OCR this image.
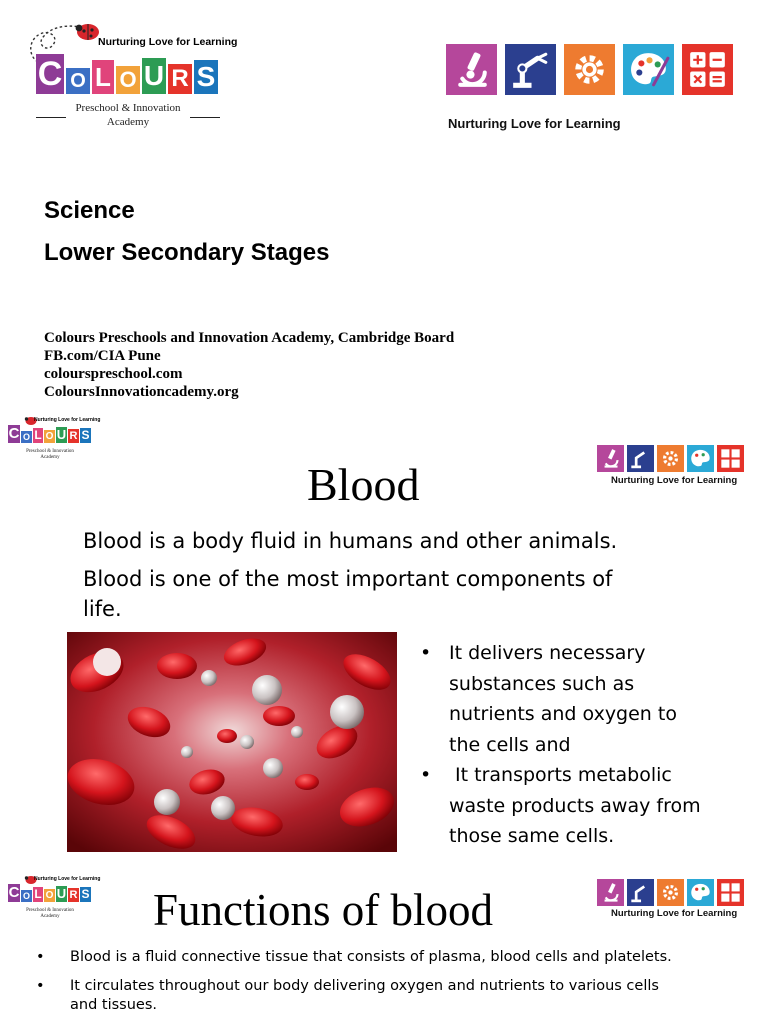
Nurturing Love for Learning
C O L O U R S
Preschool & Innovation
Academy	Nurturing Love for Learning
Science
Lower Secondary Stages
Colours Preschools and Innovation Academy, Cambridge Board
FB.com/CIA Pune
colourspreschool.com
ColoursInnovationcademy.org
Nurturing Love for Learning
C O L O U R S
Preschool & Innovation
Academy
Nurturing Love for Learning
Blood
Blood is a body fluid in humans and other animals.
Blood is one of the most important components of
life.
• It delivers necessary
substances such as
nutrients and oxygen to
the cells and
• It transports metabolic
waste products away from
those same cells.
Nurturing Love for Learning
C O L O U R S
Preschool & Innovation
Academy	Nurturing Love for Learning
Functions of blood
• Blood is a fluid connective tissue that consists of plasma, blood cells and platelets.
• It circulates throughout our body delivering oxygen and nutrients to various cells
and tissues.
